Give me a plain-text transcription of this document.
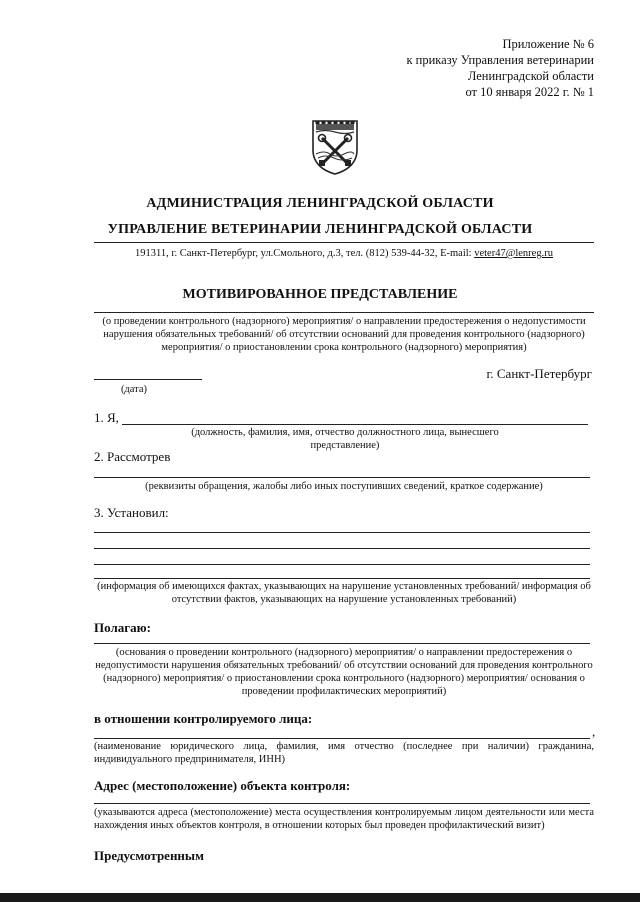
Приложение № 6
к приказу Управления ветеринарии
Ленинградской области
от 10 января 2022 г. № 1
АДМИНИСТРАЦИЯ ЛЕНИНГРАДСКОЙ ОБЛАСТИ
УПРАВЛЕНИЕ ВЕТЕРИНАРИИ ЛЕНИНГРАДСКОЙ ОБЛАСТИ
191311, г. Санкт-Петербург, ул.Смольного, д.3, тел. (812) 539-44-32, E-mail: veter47@lenreg.ru
МОТИВИРОВАННОЕ ПРЕДСТАВЛЕНИЕ
(о проведении контрольного (надзорного) мероприятия/ о направлении предостережения о недопустимости нарушения обязательных требований/ об отсутствии оснований для проведения контрольного (надзорного) мероприятия/ о приостановлении срока контрольного (надзорного) мероприятия)
(дата)
г. Санкт-Петербург
1. Я,
(должность, фамилия, имя, отчество должностного лица, вынесшего представление)
2. Рассмотрев
(реквизиты обращения, жалобы либо иных поступивших сведений, краткое содержание)
3. Установил:
(информация об имеющихся фактах, указывающих на нарушение установленных требований/ информация об отсутствии фактов, указывающих на нарушение установленных требований)
Полагаю:
(основания о проведении контрольного (надзорного) мероприятия/ о направлении предостережения о недопустимости нарушения обязательных требований/ об отсутствии оснований для проведения контрольного (надзорного) мероприятия/ о приостановлении срока контрольного (надзорного) мероприятия/ основания о проведении профилактических мероприятий)
в отношении контролируемого лица:
,
(наименование юридического лица, фамилия, имя отчество (последнее при наличии) гражданина, индивидуального предпринимателя, ИНН)
Адрес (местоположение) объекта контроля:
(указываются адреса (местоположение) места осуществления контролируемым лицом деятельности или места нахождения иных объектов контроля, в отношении которых был проведен профилактический визит)
Предусмотренным
